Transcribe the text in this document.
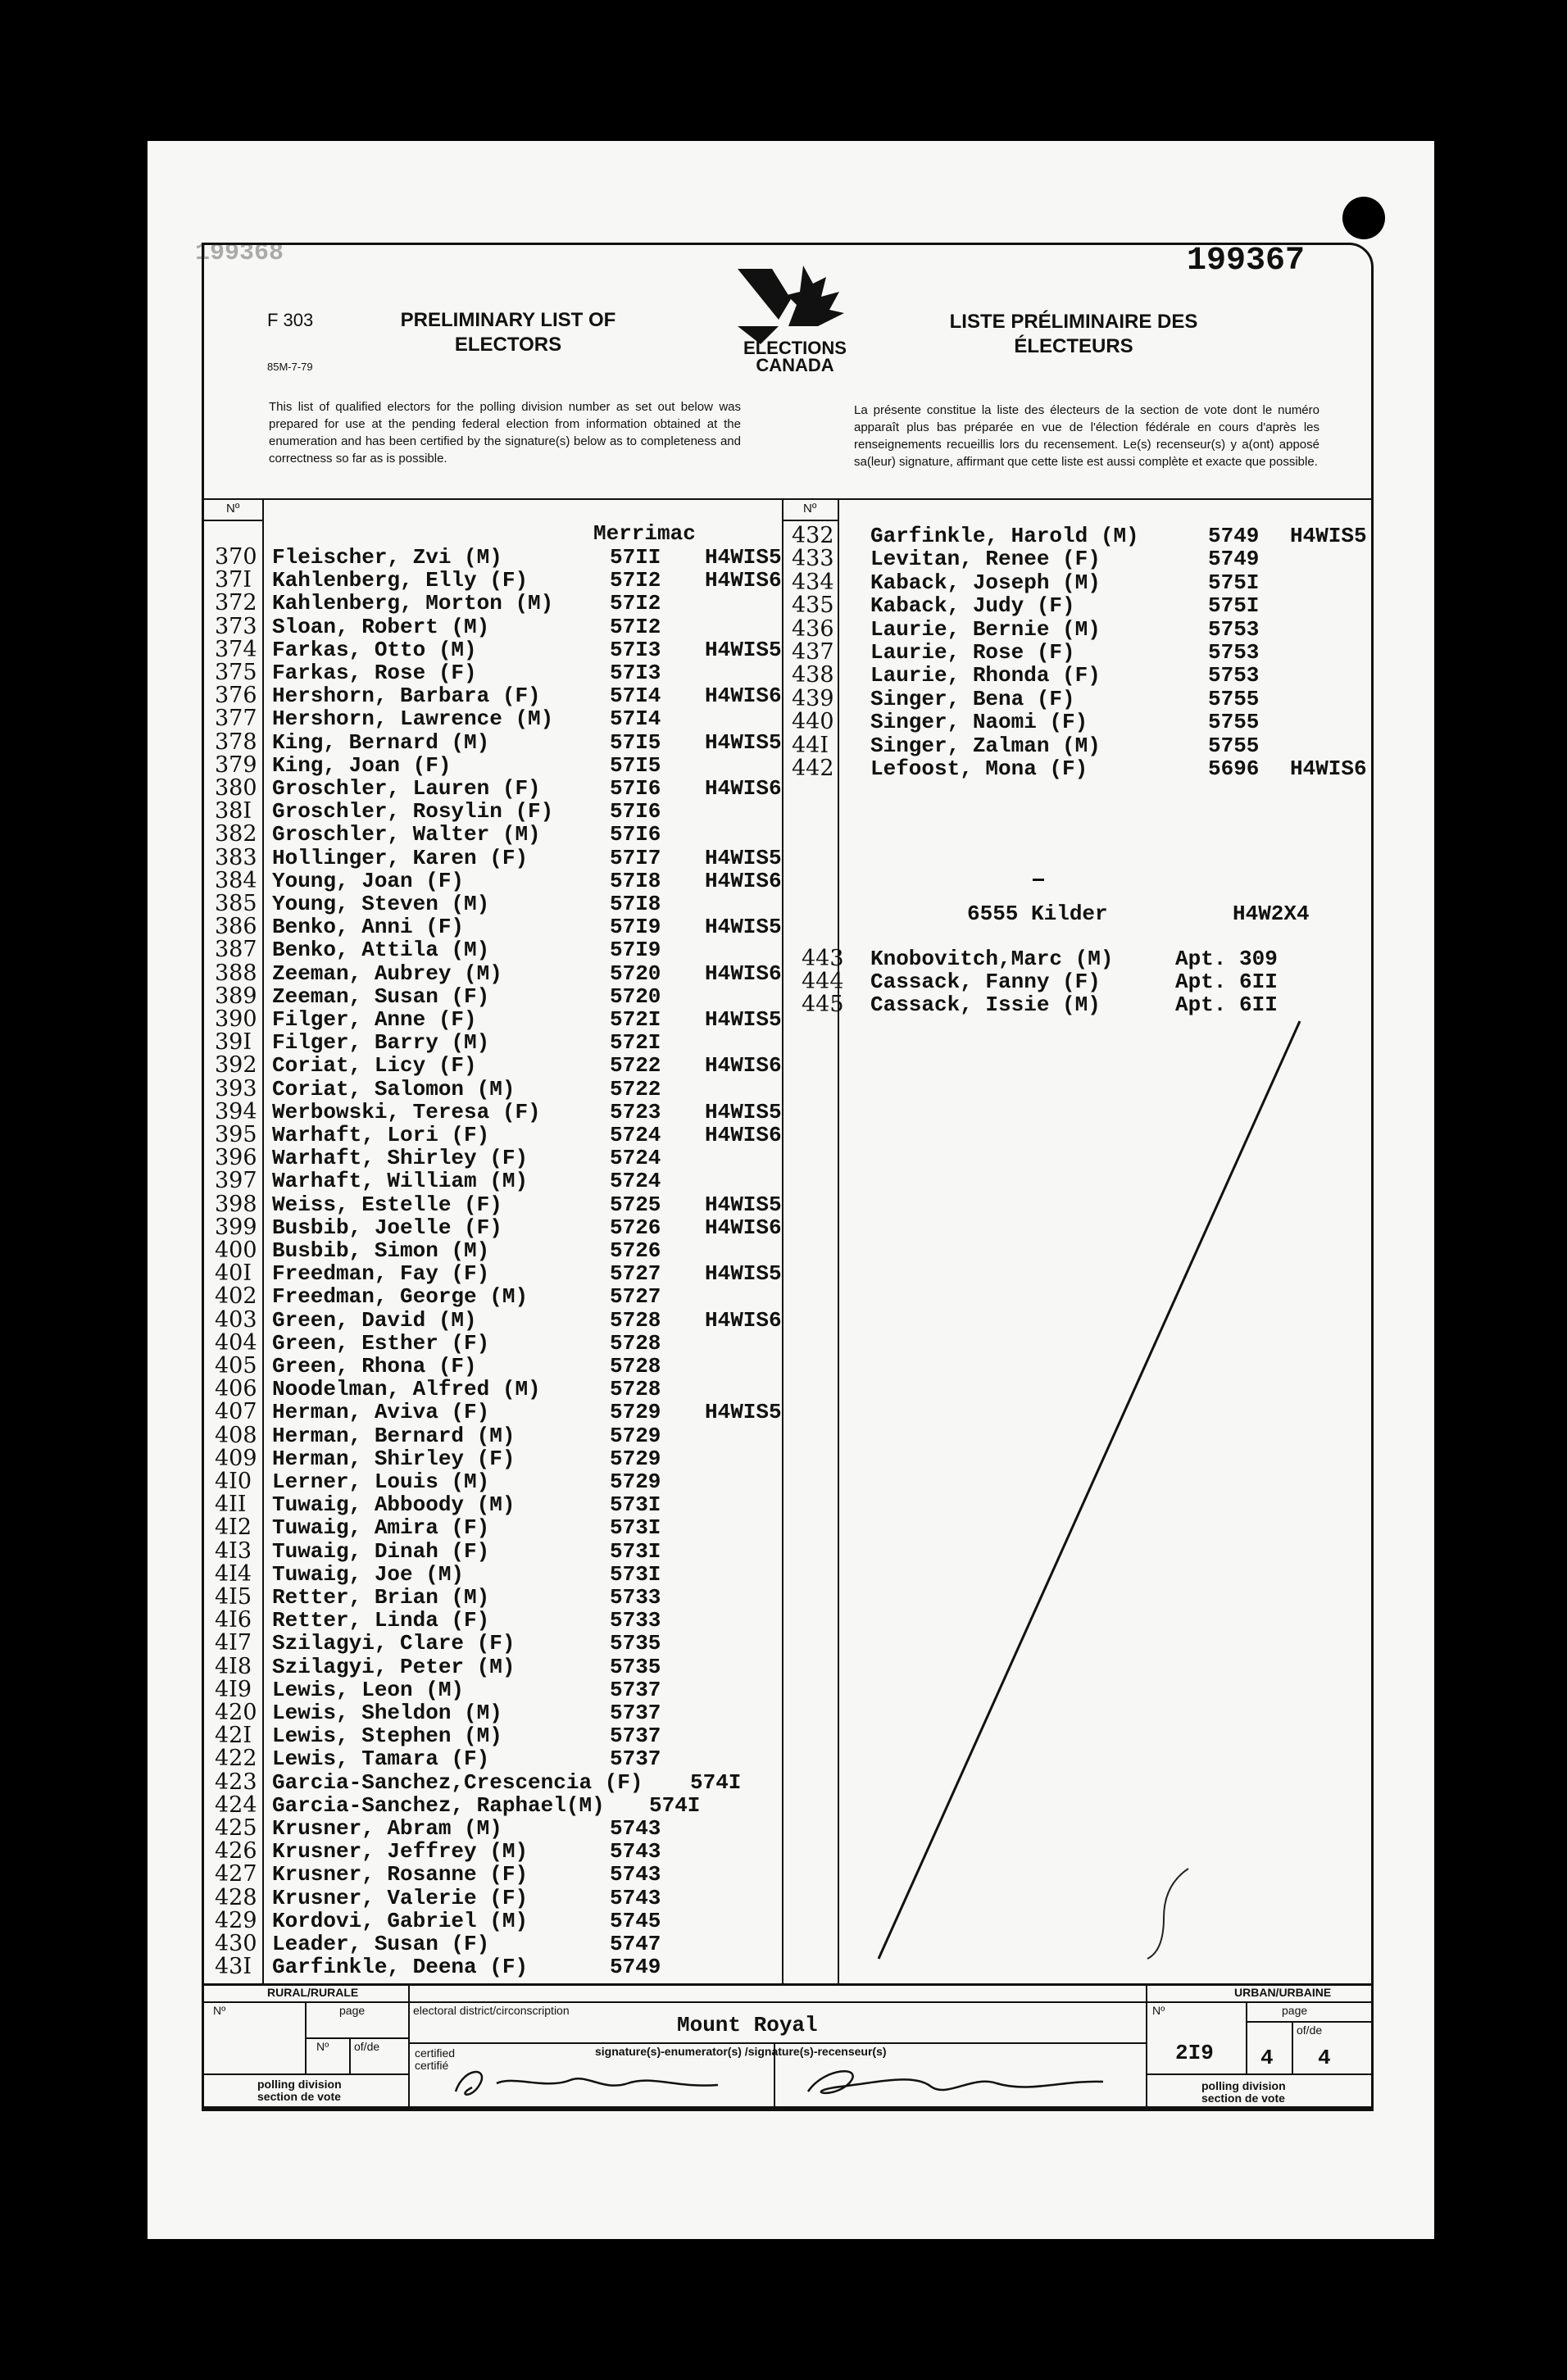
199368	199367
F 303
85M-7-79
PRELIMINARY LIST OF
ELECTORS
LISTE PRÉLIMINAIRE DES
ÉLECTEURS
ELECTIONS
CANADA
This list of qualified electors for the polling division number as set out below was prepared for use at the pending federal election from information obtained at the enumeration and has been certified by the signature(s) below as to completeness and correctness so far as is possible.
La présente constitue la liste des électeurs de la section de vote dont le numéro apparaît plus bas préparée en vue de l'élection fédérale en cours d'après les renseignements recueillis lors du recensement. Le(s) recenseur(s) y a(ont) apposé sa(leur) signature, affirmant que cette liste est aussi complète et exacte que possible.
Nº	Nº
Merrimac
370 Fleischer, Zvi (M)	57II H4WIS5
37I Kahlenberg, Elly (F)	57I2 H4WIS6
372 Kahlenberg, Morton (M)	57I2
373 Sloan, Robert (M)	57I2
374 Farkas, Otto (M)	57I3 H4WIS5
375 Farkas, Rose (F)	57I3
376 Hershorn, Barbara (F)	57I4 H4WIS6
377 Hershorn, Lawrence (M)	57I4
378 King, Bernard (M)	57I5 H4WIS5
379 King, Joan (F)	57I5
380 Groschler, Lauren (F)	57I6 H4WIS6
38I Groschler, Rosylin (F)	57I6
382 Groschler, Walter (M)	57I6
383 Hollinger, Karen (F)	57I7 H4WIS5
384 Young, Joan (F)	57I8 H4WIS6
385 Young, Steven (M)	57I8
386 Benko, Anni (F)	57I9 H4WIS5
387 Benko, Attila (M)	57I9
388 Zeeman, Aubrey (M)	5720 H4WIS6
389 Zeeman, Susan (F)	5720
390 Filger, Anne (F)	572I H4WIS5
39I Filger, Barry (M)	572I
392 Coriat, Licy (F)	5722 H4WIS6
393 Coriat, Salomon (M)	5722
394 Werbowski, Teresa (F)	5723 H4WIS5
395 Warhaft, Lori (F)	5724 H4WIS6
396 Warhaft, Shirley (F)	5724
397 Warhaft, William (M)	5724
398 Weiss, Estelle (F)	5725 H4WIS5
399 Busbib, Joelle (F)	5726 H4WIS6
400 Busbib, Simon (M)	5726
40I Freedman, Fay (F)	5727 H4WIS5
402 Freedman, George (M)	5727
403 Green, David (M)	5728 H4WIS6
404 Green, Esther (F)	5728
405 Green, Rhona (F)	5728
406 Noodelman, Alfred (M)	5728
407 Herman, Aviva (F)	5729 H4WIS5
408 Herman, Bernard (M)	5729
409 Herman, Shirley (F)	5729
4I0 Lerner, Louis (M)	5729
4II Tuwaig, Abboody (M)	573I
4I2 Tuwaig, Amira (F)	573I
4I3 Tuwaig, Dinah (F)	573I
4I4 Tuwaig, Joe (M)	573I
4I5 Retter, Brian (M)	5733
4I6 Retter, Linda (F)	5733
4I7 Szilagyi, Clare (F)	5735
4I8 Szilagyi, Peter (M)	5735
4I9 Lewis, Leon (M)	5737
420 Lewis, Sheldon (M)	5737
42I Lewis, Stephen (M)	5737
422 Lewis, Tamara (F)	5737
423 Garcia-Sanchez,Crescencia (F) 574I
424 Garcia-Sanchez, Raphael(M) 574I
425 Krusner, Abram (M)	5743
426 Krusner, Jeffrey (M)	5743
427 Krusner, Rosanne (F)	5743
428 Krusner, Valerie (F)	5743
429 Kordovi, Gabriel (M)	5745
430 Leader, Susan (F)	5747
43I Garfinkle, Deena (F)	5749
432 Garfinkle, Harold (M)	5749 H4WIS5
433 Levitan, Renee (F)	5749
434 Kaback, Joseph (M)	575I
435 Kaback, Judy (F)	575I
436 Laurie, Bernie (M)	5753
437 Laurie, Rose (F)	5753
438 Laurie, Rhonda (F)	5753
439 Singer, Bena (F)	5755
440 Singer, Naomi (F)	5755
44I Singer, Zalman (M)	5755
442 Lefoost, Mona (F)	5696 H4WIS6
443 Knobovitch,Marc (M)	Apt. 309
444 Cassack, Fanny (F)	Apt. 6II
445 Cassack, Issie (M)	Apt. 6II
6555 Kilder	H4W2X4
RURAL/RURALE	URBAN/URBAINE
Nº	page
Nº of/de
polling division
section de vote
electoral district/circonscription
Mount Royal
certified
certifié
signature(s)-enumerator(s) /signature(s)-recenseur(s)
Nº	page
of/de
2I9 4 4
polling division
section de vote
